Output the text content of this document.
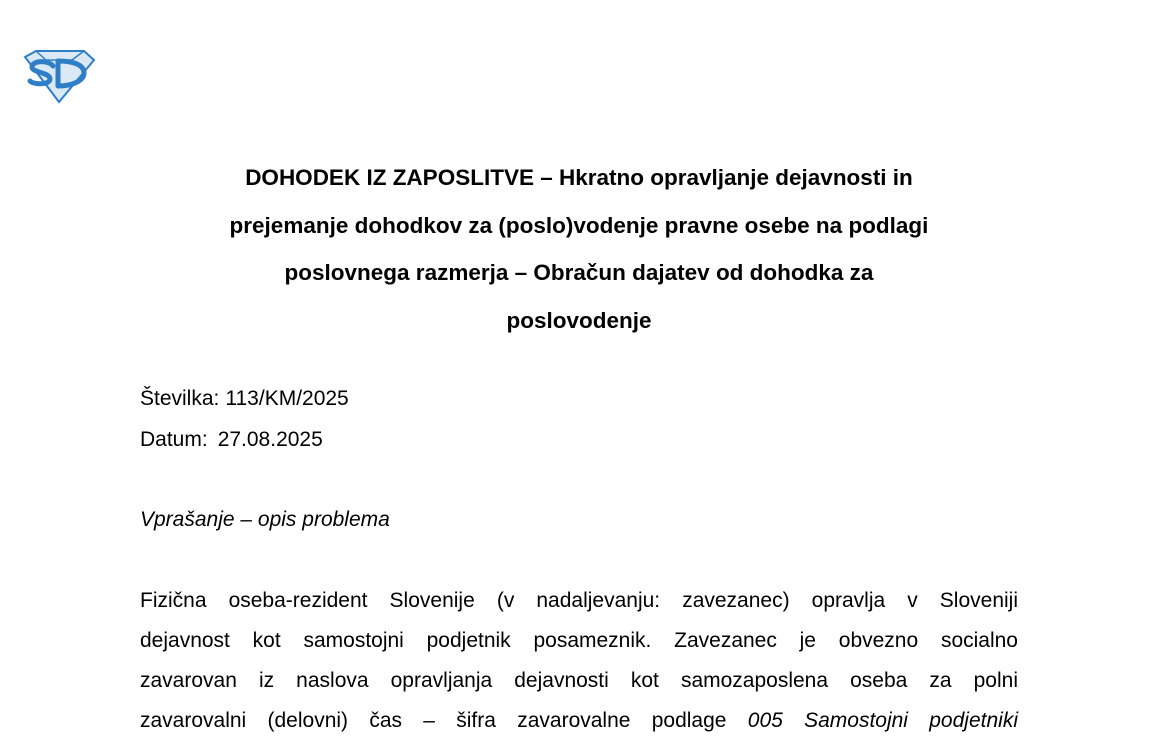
DOHODEK IZ ZAPOSLITVE – Hkratno opravljanje dejavnosti in
prejemanje dohodkov za (poslo)vodenje pravne osebe na podlagi
poslovnega razmerja – Obračun dajatev od dohodka za
poslovodenje
Številka: 113/KM/2025
Datum: 27.08.2025
Vprašanje – opis problema
Fizična oseba-rezident Slovenije (v nadaljevanju: zavezanec) opravlja v Sloveniji
dejavnost kot samostojni podjetnik posameznik. Zavezanec je obvezno socialno
zavarovan iz naslova opravljanja dejavnosti kot samozaposlena oseba za polni
zavarovalni (delovni) čas – šifra zavarovalne podlage 005 Samostojni podjetniki
